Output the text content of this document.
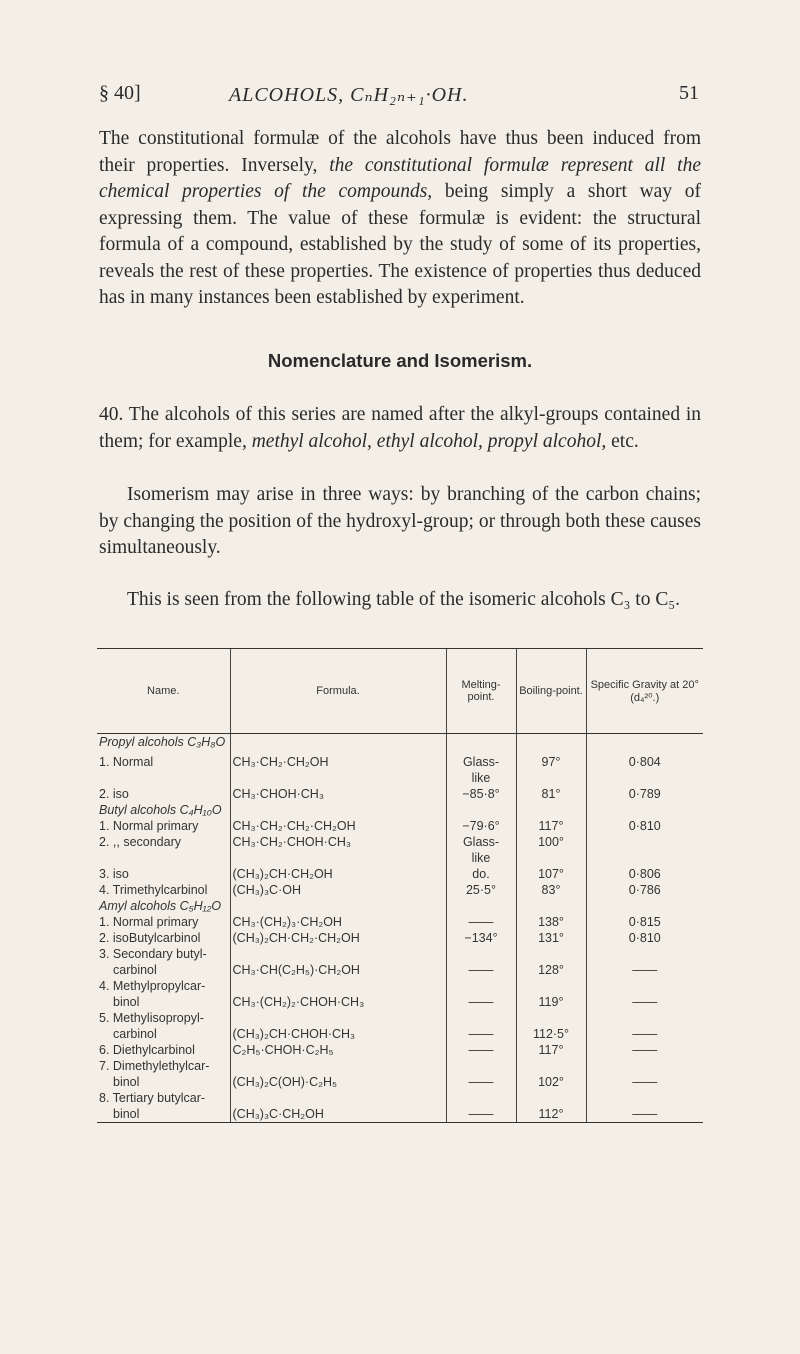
§ 40]	ALCOHOLS, CₙH₂ₙ₊₁·OH.	51

The constitutional formulæ of the alcohols have thus been induced from their properties. Inversely, the constitutional formulæ represent all the chemical properties of the compounds, being simply a short way of expressing them. The value of these formulæ is evident: the structural formula of a compound, established by the study of some of its properties, reveals the rest of these properties. The existence of properties thus deduced has in many instances been established by experiment.

Nomenclature and Isomerism.

40. The alcohols of this series are named after the alkyl-groups contained in them; for example, methyl alcohol, ethyl alcohol, propyl alcohol, etc.

Isomerism may arise in three ways: by branching of the carbon chains; by changing the position of the hydroxyl-group; or through both these causes simultaneously.

This is seen from the following table of the isomeric alcohols C₃ to C₅.

Name.	Formula.	Melting-point.	Boiling-point.	Specific Gravity at 20° (d₄²⁰.)
Propyl alcohols C₃H₈O				
1. Normal	CH₃·CH₂·CH₂OH	Glass-	97°	0·804
		like		
2. iso	CH₃·CHOH·CH₃	−85·8°	81°	0·789
Butyl alcohols C₄H₁₀O				
1. Normal primary	CH₃·CH₂·CH₂·CH₂OH	−79·6°	117°	0·810
2. ,, secondary	CH₃·CH₂·CHOH·CH₃	Glass-	100°	
		like		
3. iso	(CH₃)₂CH·CH₂OH	do.	107°	0·806
4. Trimethylcarbinol	(CH₃)₃C·OH	25·5°	83°	0·786
Amyl alcohols C₅H₁₂O				
1. Normal primary	CH₃·(CH₂)₃·CH₂OH	——	138°	0·815
2. isoButylcarbinol	(CH₃)₂CH·CH₂·CH₂OH	−134°	131°	0·810
3. Secondary butyl-				
carbinol	CH₃·CH(C₂H₅)·CH₂OH	——	128°	——
4. Methylpropylcar-				
binol	CH₃·(CH₂)₂·CHOH·CH₃	——	119°	——
5. Methylisopropyl-				
carbinol	(CH₃)₂CH·CHOH·CH₃	——	112·5°	——
6. Diethylcarbinol	C₂H₅·CHOH·C₂H₅	——	117°	——
7. Dimethylethylcar-				
binol	(CH₃)₂C(OH)·C₂H₅	——	102°	——
8. Tertiary butylcar-				
binol	(CH₃)₃C·CH₂OH	——	112°	——
